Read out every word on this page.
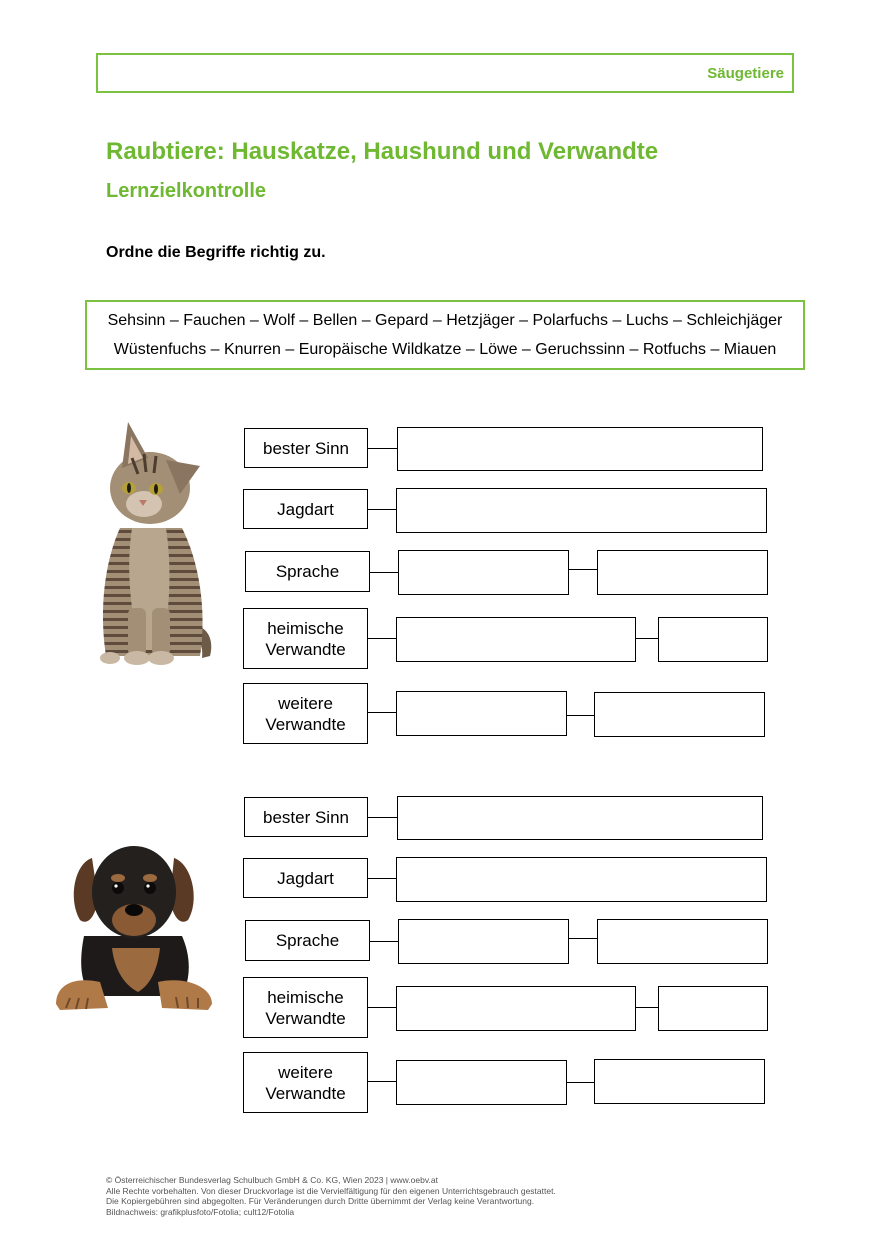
Säugetiere
Raubtiere: Hauskatze, Haushund und Verwandte
Lernzielkontrolle
Ordne die Begriffe richtig zu.
Sehsinn – Fauchen – Wolf – Bellen – Gepard – Hetzjäger – Polarfuchs – Luchs – Schleichjäger
Wüstenfuchs – Knurren – Europäische Wildkatze – Löwe – Geruchssinn – Rotfuchs – Miauen
bester Sinn
Jagdart
Sprache
heimische Verwandte
weitere Verwandte
bester Sinn
Jagdart
Sprache
heimische Verwandte
weitere Verwandte
© Österreichischer Bundesverlag Schulbuch GmbH & Co. KG, Wien 2023 | www.oebv.at
Alle Rechte vorbehalten. Von dieser Druckvorlage ist die Vervielfältigung für den eigenen Unterrichtsgebrauch gestattet.
Die Kopiergebühren sind abgegolten. Für Veränderungen durch Dritte übernimmt der Verlag keine Verantwortung.
Bildnachweis: grafikplusfoto/Fotolia; cult12/Fotolia
